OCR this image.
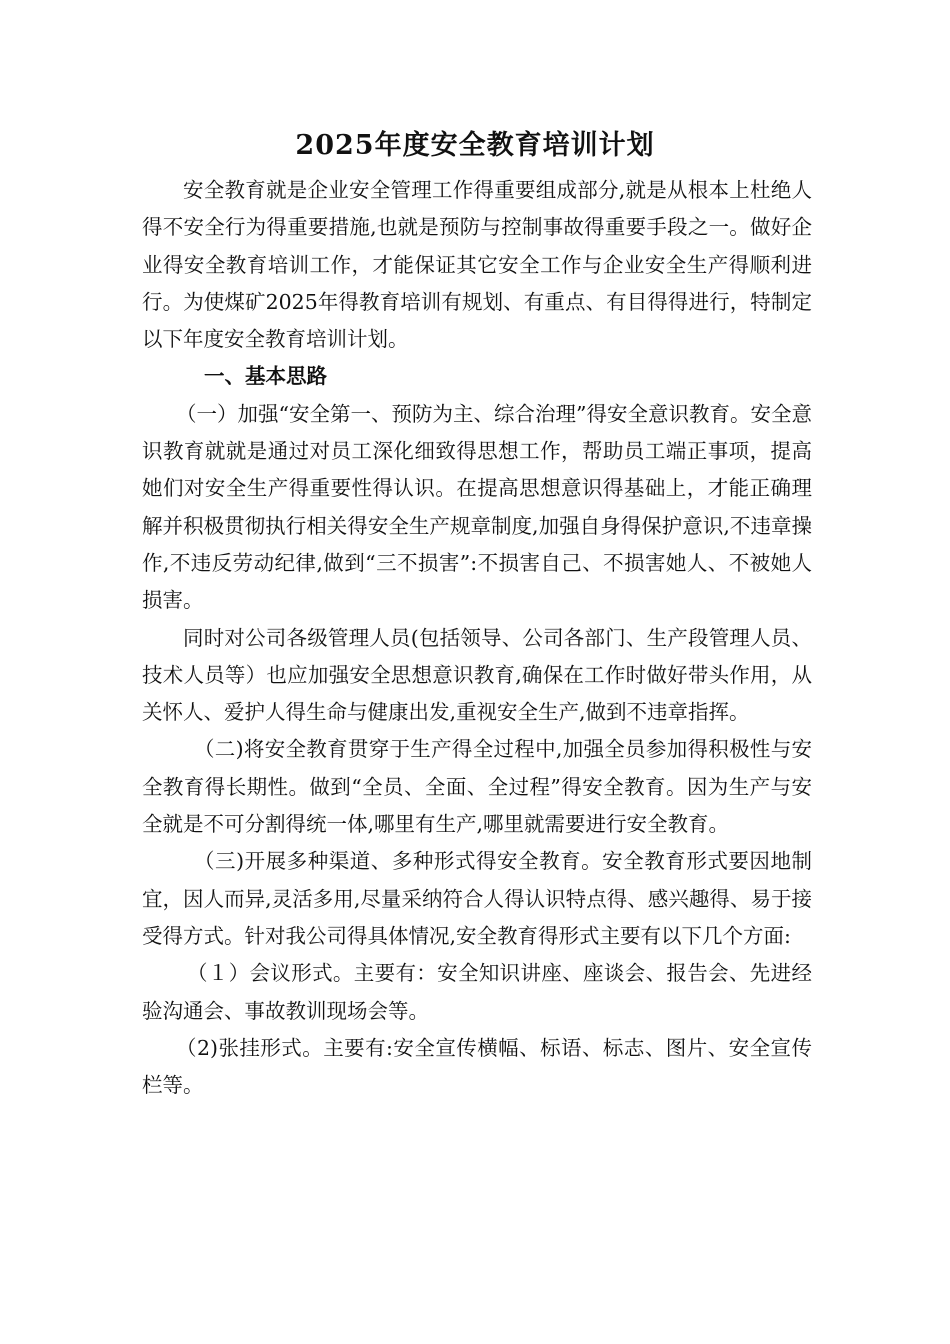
2025年度安全教育培训计划

安全教育就是企业安全管理工作得重要组成部分,就是从根本上杜绝人得不安全行为得重要措施,也就是预防与控制事故得重要手段之一。做好企业得安全教育培训工作，才能保证其它安全工作与企业安全生产得顺利进行。为使煤矿2025年得教育培训有规划、有重点、有目得得进行，特制定以下年度安全教育培训计划。

一、基本思路

（一）加强“安全第一、预防为主、综合治理”得安全意识教育。安全意识教育就就是通过对员工深化细致得思想工作，帮助员工端正事项，提高她们对安全生产得重要性得认识。在提高思想意识得基础上，才能正确理解并积极贯彻执行相关得安全生产规章制度,加强自身得保护意识,不违章操作,不违反劳动纪律,做到“三不损害”:不损害自己、不损害她人、不被她人损害。

同时对公司各级管理人员(包括领导、公司各部门、生产段管理人员、技术人员等）也应加强安全思想意识教育,确保在工作时做好带头作用，从关怀人、爱护人得生命与健康出发,重视安全生产,做到不违章指挥。

（二)将安全教育贯穿于生产得全过程中,加强全员参加得积极性与安全教育得长期性。做到“全员、全面、全过程”得安全教育。因为生产与安全就是不可分割得统一体,哪里有生产,哪里就需要进行安全教育。

（三)开展多种渠道、多种形式得安全教育。安全教育形式要因地制宜，因人而异,灵活多用,尽量采纳符合人得认识特点得、感兴趣得、易于接受得方式。针对我公司得具体情况,安全教育得形式主要有以下几个方面:

（１）会议形式。主要有：安全知识讲座、座谈会、报告会、先进经验沟通会、事故教训现场会等。

（2)张挂形式。主要有:安全宣传横幅、标语、标志、图片、安全宣传栏等。
